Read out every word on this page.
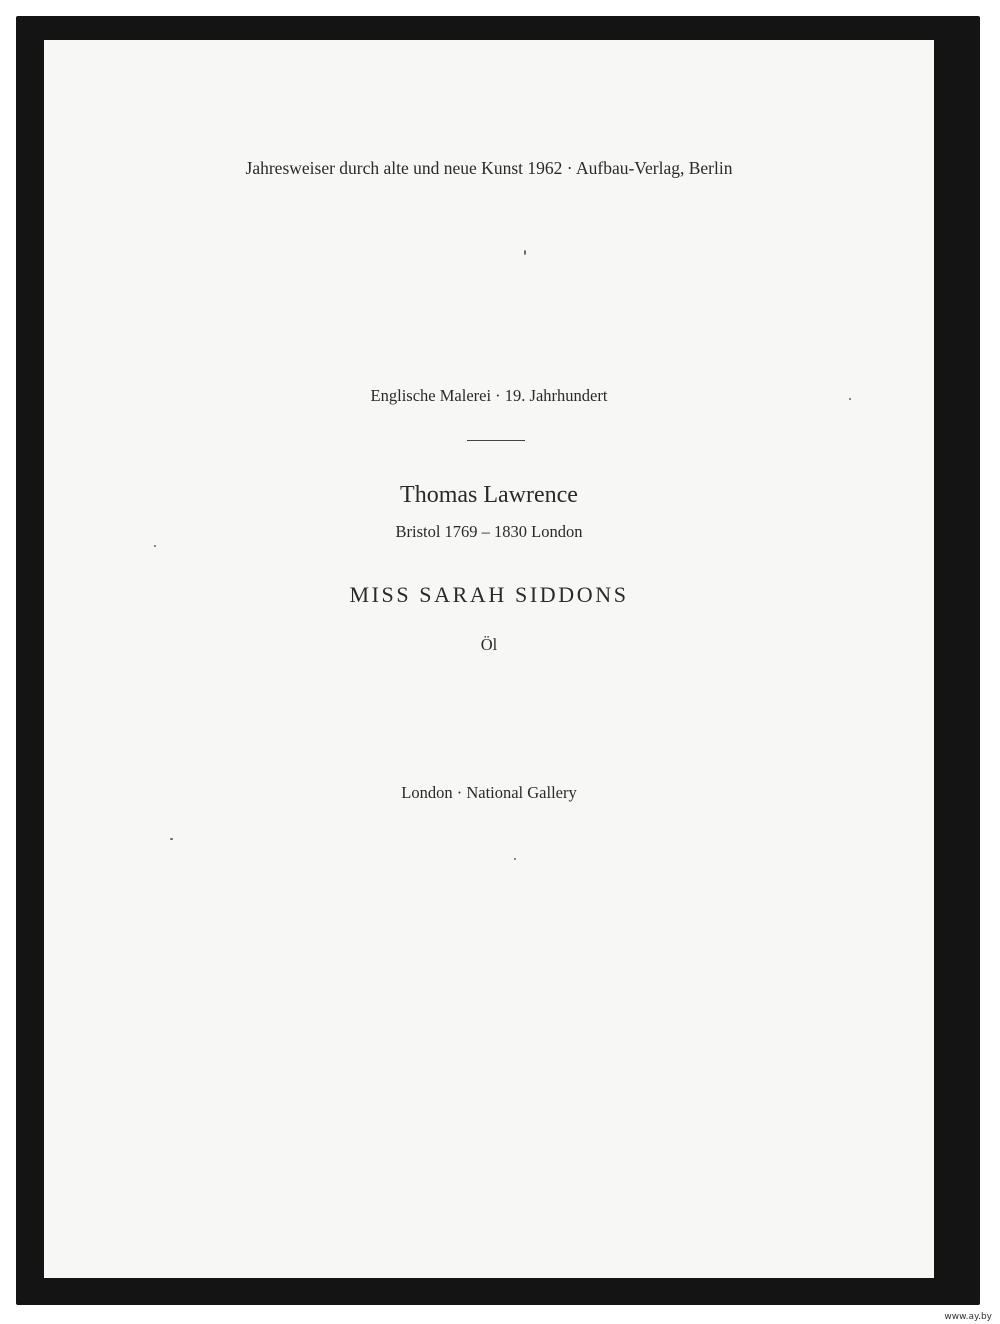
Jahresweiser durch alte und neue Kunst 1962 · Aufbau-Verlag, Berlin
Englische Malerei · 19. Jahrhundert
Thomas Lawrence
Bristol 1769 – 1830 London
MISS SARAH SIDDONS
Öl
London · National Gallery
www.ay.by
